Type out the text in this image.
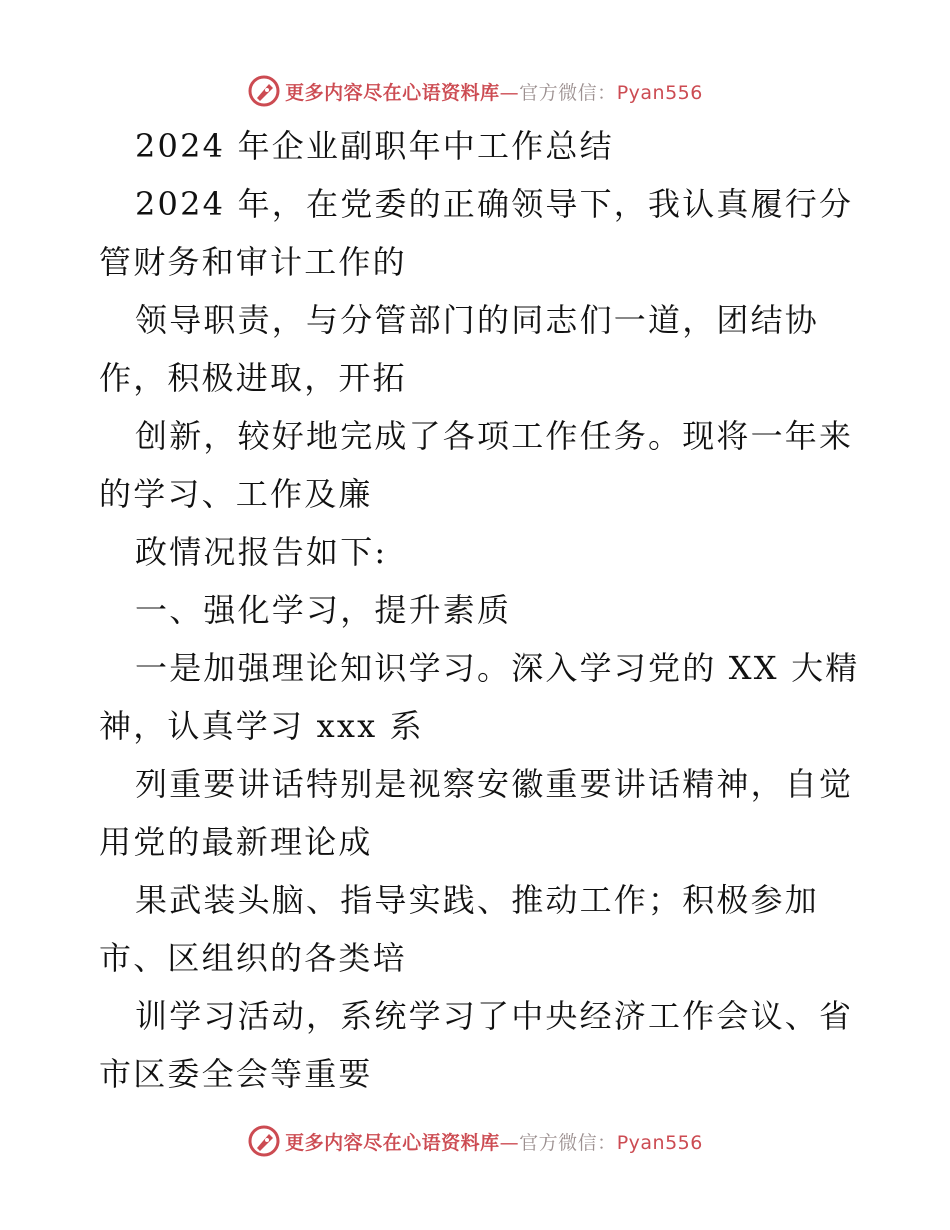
更多内容尽在心语资料库—官方微信：Pyan556
2024 年企业副职年中工作总结
2024 年，在党委的正确领导下，我认真履行分
管财务和审计工作的
领导职责，与分管部门的同志们一道，团结协
作，积极进取，开拓
创新，较好地完成了各项工作任务。现将一年来
的学习、工作及廉
政情况报告如下:
一、强化学习，提升素质
一是加强理论知识学习。深入学习党的 XX 大精
神，认真学习 xxx 系
列重要讲话特别是视察安徽重要讲话精神，自觉
用党的最新理论成
果武装头脑、指导实践、推动工作；积极参加
市、区组织的各类培
训学习活动，系统学习了中央经济工作会议、省
市区委全会等重要
更多内容尽在心语资料库—官方微信：Pyan556
